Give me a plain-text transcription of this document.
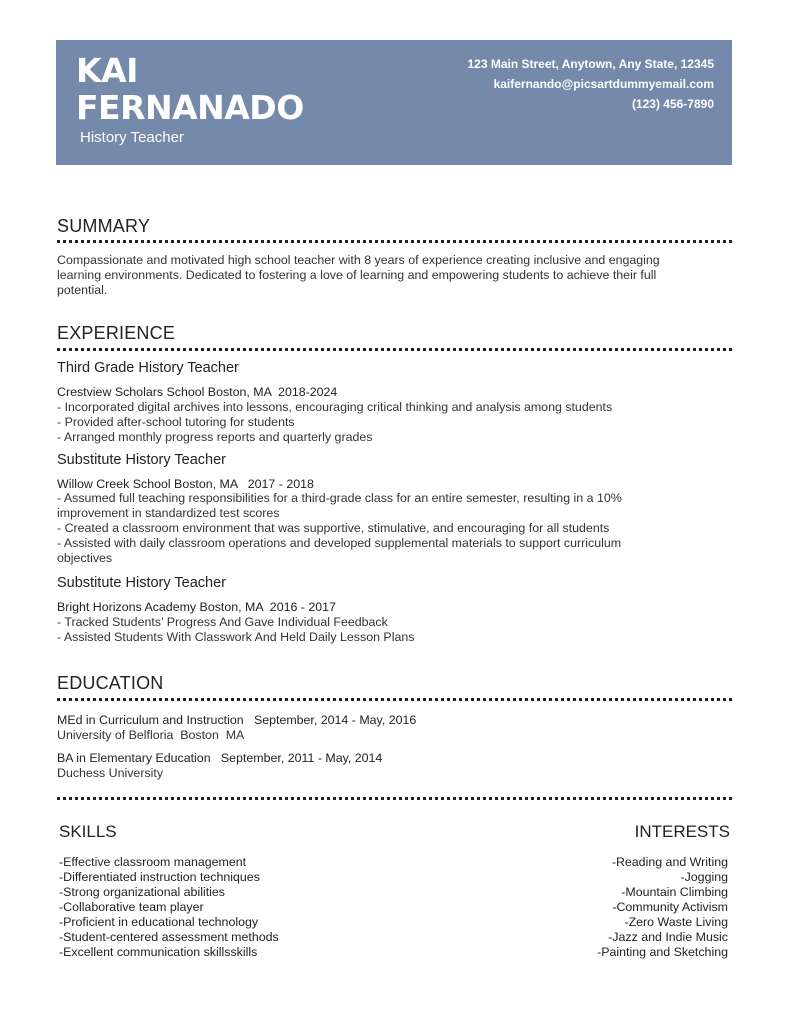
KAI
FERNANADO
History Teacher
123 Main Street, Anytown, Any State, 12345
kaifernando@picsartdummyemail.com
(123) 456-7890
SUMMARY
Compassionate and motivated high school teacher with 8 years of experience creating inclusive and engaging learning environments. Dedicated to fostering a love of learning and empowering students to achieve their full potential.
EXPERIENCE
Third Grade History Teacher
Crestview Scholars School Boston, MA  2018-2024
- Incorporated digital archives into lessons, encouraging critical thinking and analysis among students
- Provided after-school tutoring for students
- Arranged monthly progress reports and quarterly grades
Substitute History Teacher
Willow Creek School Boston, MA   2017 - 2018
- Assumed full teaching responsibilities for a third-grade class for an entire semester, resulting in a 10% improvement in standardized test scores
- Created a classroom environment that was supportive, stimulative, and encouraging for all students
- Assisted with daily classroom operations and developed supplemental materials to support curriculum objectives
Substitute History Teacher
Bright Horizons Academy Boston, MA  2016 - 2017
- Tracked Students’ Progress And Gave Individual Feedback
- Assisted Students With Classwork And Held Daily Lesson Plans
EDUCATION
MEd in Curriculum and Instruction   September, 2014 - May, 2016
University of Belfloria  Boston  MA
BA in Elementary Education   September, 2011 - May, 2014
Duchess University
SKILLS
-Effective classroom management
-Differentiated instruction techniques
-Strong organizational abilities
-Collaborative team player
-Proficient in educational technology
-Student-centered assessment methods
-Excellent communication skillsskills
INTERESTS
-Reading and Writing
-Jogging
-Mountain Climbing
-Community Activism
-Zero Waste Living
-Jazz and Indie Music
-Painting and Sketching
